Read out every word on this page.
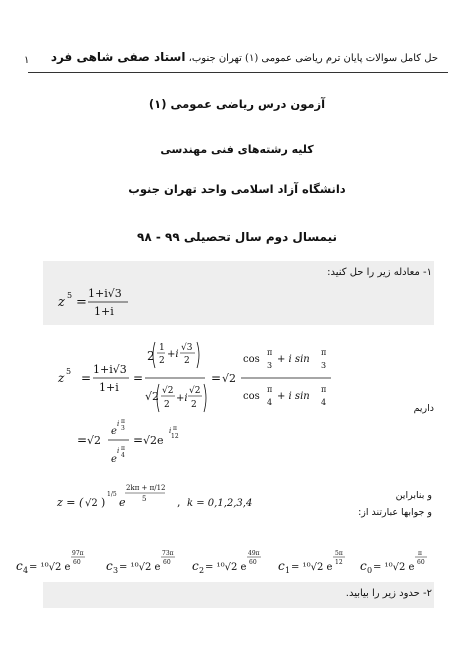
۱	حل کامل سوالات پایان ترم ریاضی عمومی (۱) تهران جنوب، استاد صفی شاهی فرد
آزمون درس ریاضی عمومی (۱)
کلیه رشته‌های فنی مهندسی
دانشگاه آزاد اسلامی واحد تهران جنوب
نیمسال دوم سال تحصیلی ۹۹ - ۹۸
۱- معادله زیر را حل کنید:
z 5 =
1+i√3
1+i
z 5 =
1+i√3
1+i
=
2
1
2
+i
√3
2
√2 √2
2
+i
√2
2
= √2
cos
π
3
+ i sin
π
3
cos
π
4
+ i sin
π
4
داریم
= √2
e
i π
3
e
i π
4
= √2e
i π
12
z = ( √2 )
1/5
e
2kπ + π/12
5	, k = 0,1,2,3,4
و بنابراین
و جوابها عبارتند از:
c 4 = ¹⁰√2 e
97π
60 c 3 = ¹⁰√2 e
73π
60 c 2 = ¹⁰√2 e
49π
60 c 1 = ¹⁰√2 e
5π
12 c 0 = ¹⁰√2 e
π
60
۲- حدود زیر را بیابید.
